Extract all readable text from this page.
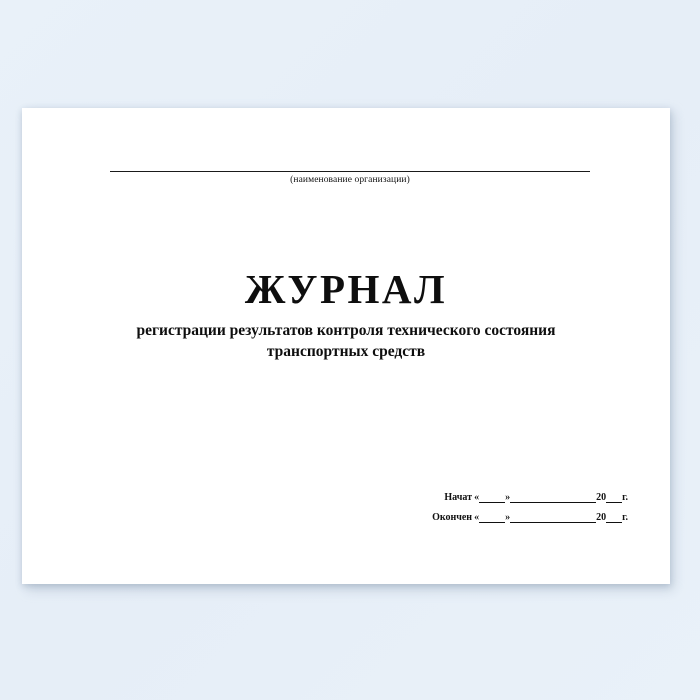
(наименование организации)
ЖУРНАЛ
регистрации результатов контроля технического состояния
транспортных средств
Начат «	»	20 г.
Окончен «	»	20 г.
